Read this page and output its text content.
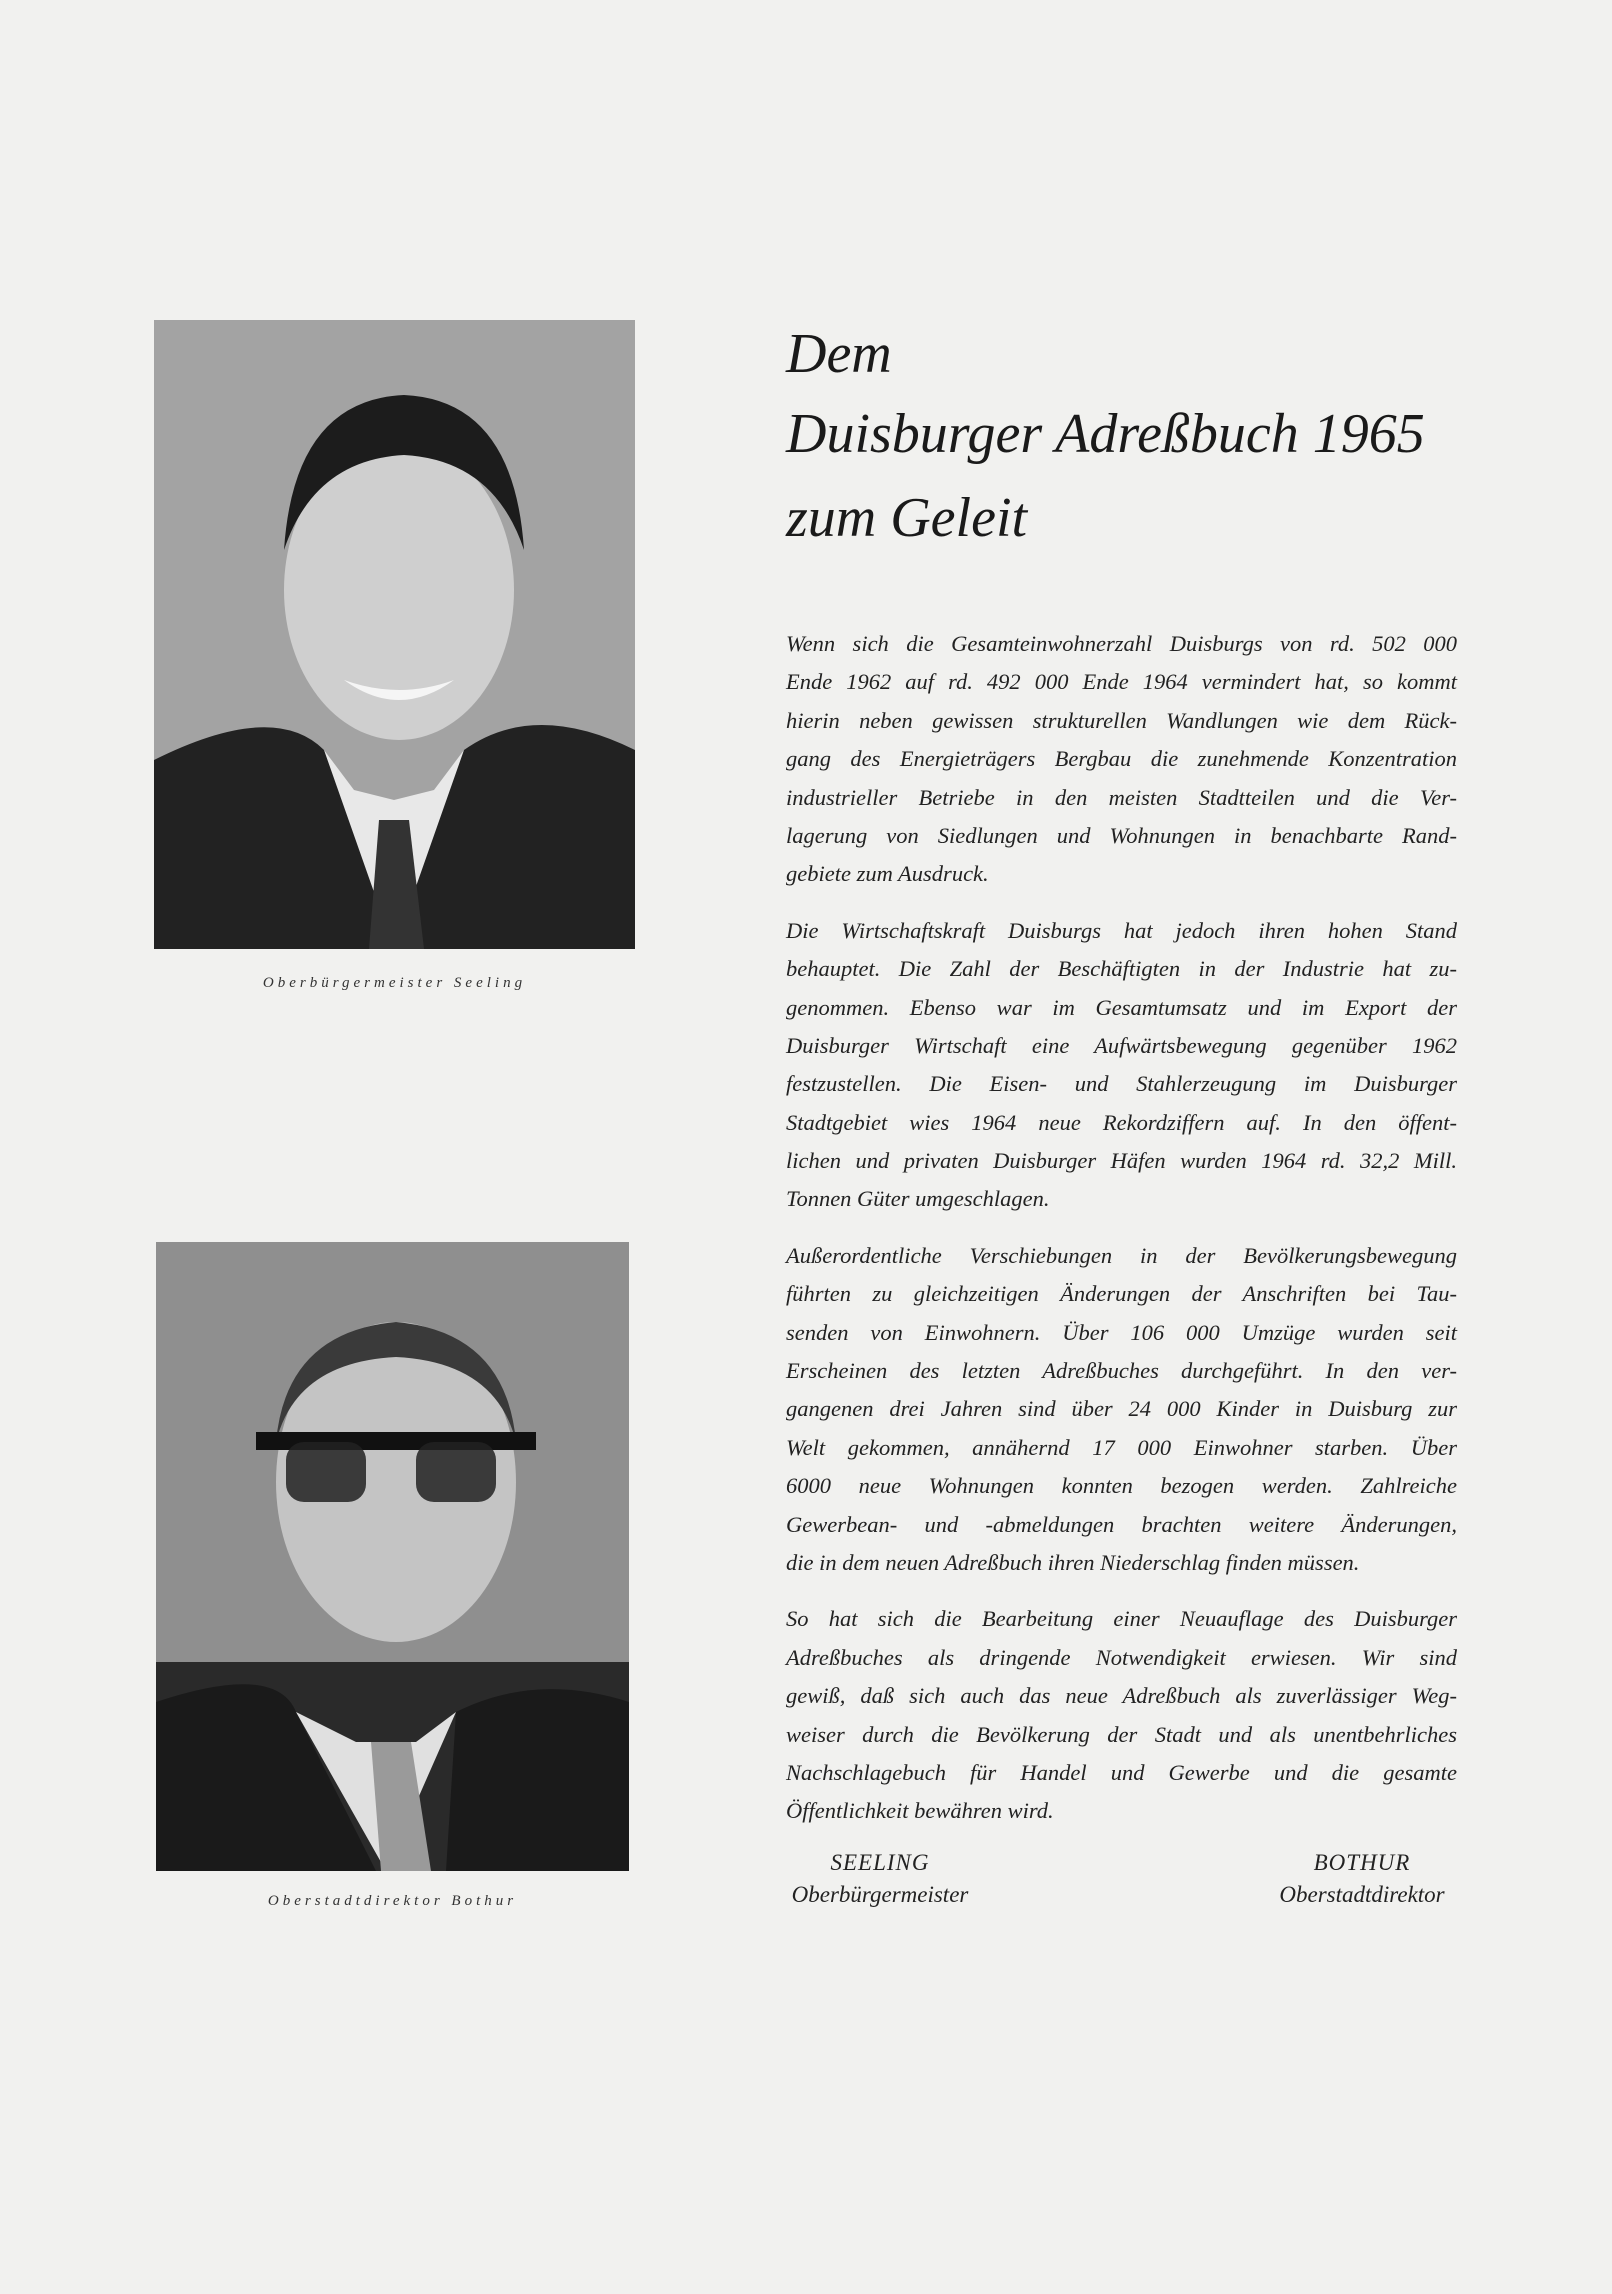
Oberbürgermeister Seeling
Oberstadtdirektor Bothur
Dem
Duisburger Adreßbuch 1965
zum Geleit
Wenn sich die Gesamteinwohnerzahl Duisburgs von rd. 502 000
Ende 1962 auf rd. 492 000 Ende 1964 vermindert hat, so kommt
hierin neben gewissen strukturellen Wandlungen wie dem Rück-
gang des Energieträgers Bergbau die zunehmende Konzentration
industrieller Betriebe in den meisten Stadtteilen und die Ver-
lagerung von Siedlungen und Wohnungen in benachbarte Rand-
gebiete zum Ausdruck.
Die Wirtschaftskraft Duisburgs hat jedoch ihren hohen Stand
behauptet. Die Zahl der Beschäftigten in der Industrie hat zu-
genommen. Ebenso war im Gesamtumsatz und im Export der
Duisburger Wirtschaft eine Aufwärtsbewegung gegenüber 1962
festzustellen. Die Eisen- und Stahlerzeugung im Duisburger
Stadtgebiet wies 1964 neue Rekordziffern auf. In den öffent-
lichen und privaten Duisburger Häfen wurden 1964 rd. 32,2 Mill.
Tonnen Güter umgeschlagen.
Außerordentliche Verschiebungen in der Bevölkerungsbewegung
führten zu gleichzeitigen Änderungen der Anschriften bei Tau-
senden von Einwohnern. Über 106 000 Umzüge wurden seit
Erscheinen des letzten Adreßbuches durchgeführt. In den ver-
gangenen drei Jahren sind über 24 000 Kinder in Duisburg zur
Welt gekommen, annähernd 17 000 Einwohner starben. Über
6000 neue Wohnungen konnten bezogen werden. Zahlreiche
Gewerbean- und -abmeldungen brachten weitere Änderungen,
die in dem neuen Adreßbuch ihren Niederschlag finden müssen.
So hat sich die Bearbeitung einer Neuauflage des Duisburger
Adreßbuches als dringende Notwendigkeit erwiesen. Wir sind
gewiß, daß sich auch das neue Adreßbuch als zuverlässiger Weg-
weiser durch die Bevölkerung der Stadt und als unentbehrliches
Nachschlagebuch für Handel und Gewerbe und die gesamte
Öffentlichkeit bewähren wird.
SEELING
Oberbürgermeister
BOTHUR
Oberstadtdirektor
